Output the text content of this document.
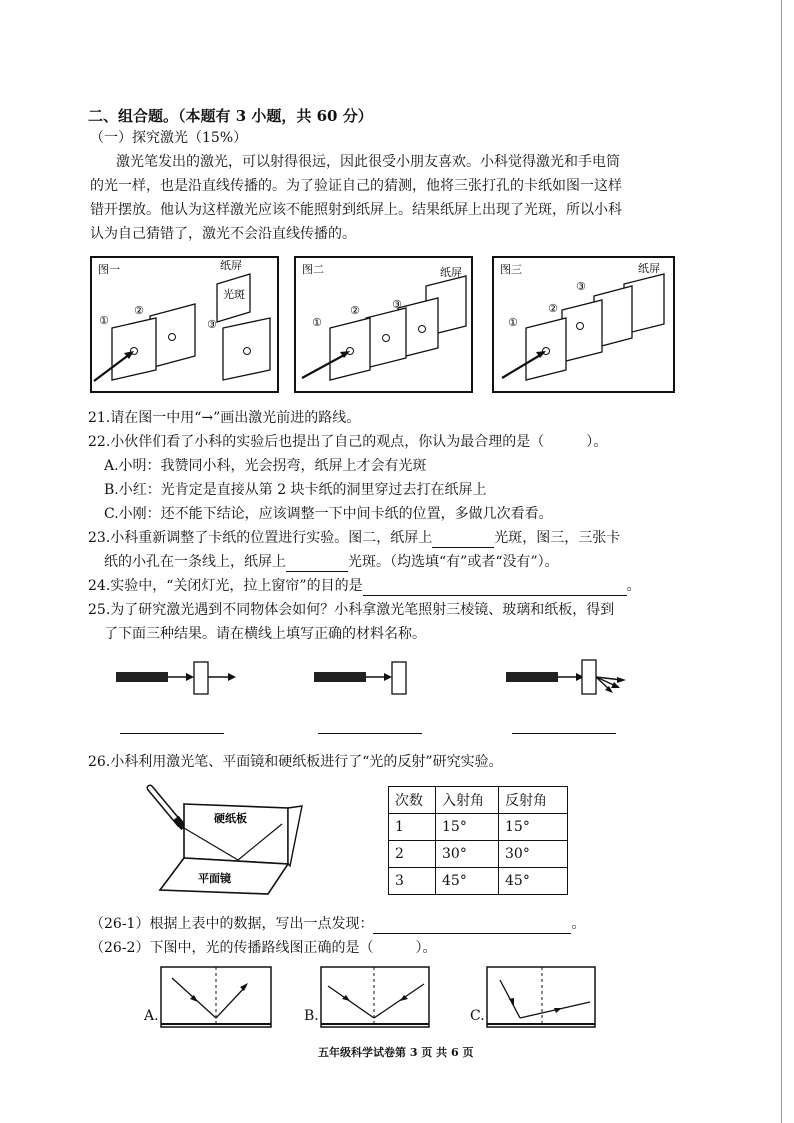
二、组合题。（本题有 3 小题，共 60 分）
（一）探究激光（15%）
激光笔发出的激光，可以射得很远，因此很受小朋友喜欢。小科觉得激光和手电筒
的光一样，也是沿直线传播的。为了验证自己的猜测，他将三张打孔的卡纸如图一这样
错开摆放。他认为这样激光应该不能照射到纸屏上。结果纸屏上出现了光斑，所以小科
认为自己猜错了，激光不会沿直线传播的。
图一	纸屏
光斑
①
②
③
图二	纸屏
①
②	③
图三	纸屏
①
②
③
21.请在图一中用“→”画出激光前进的路线。
22.小伙伴们看了小科的实验后也提出了自己的观点，你认为最合理的是（　　　）。
A.小明：我赞同小科，光会拐弯，纸屏上才会有光斑
B.小红：光肯定是直接从第 2 块卡纸的洞里穿过去打在纸屏上
C.小刚：还不能下结论，应该调整一下中间卡纸的位置，多做几次看看。
23.小科重新调整了卡纸的位置进行实验。图二，纸屏上	光斑，图三，三张卡
纸的小孔在一条线上，纸屏上	光斑。（均选填“有”或者“没有”）。
24.实验中，“关闭灯光，拉上窗帘”的目的是	。
25.为了研究激光遇到不同物体会如何？小科拿激光笔照射三棱镜、玻璃和纸板，得到
了下面三种结果。请在横线上填写正确的材料名称。
26.小科利用激光笔、平面镜和硬纸板进行了“光的反射”研究实验。
硬纸板
平面镜
次数	入射角	反射角
1	15°	15°
2	30°	30°
3	45°	45°
（26-1）根据上表中的数据，写出一点发现：	。
（26-2）下图中，光的传播路线图正确的是（　　　）。
A.	B.	C.
五年级科学试卷第 3 页 共 6 页
